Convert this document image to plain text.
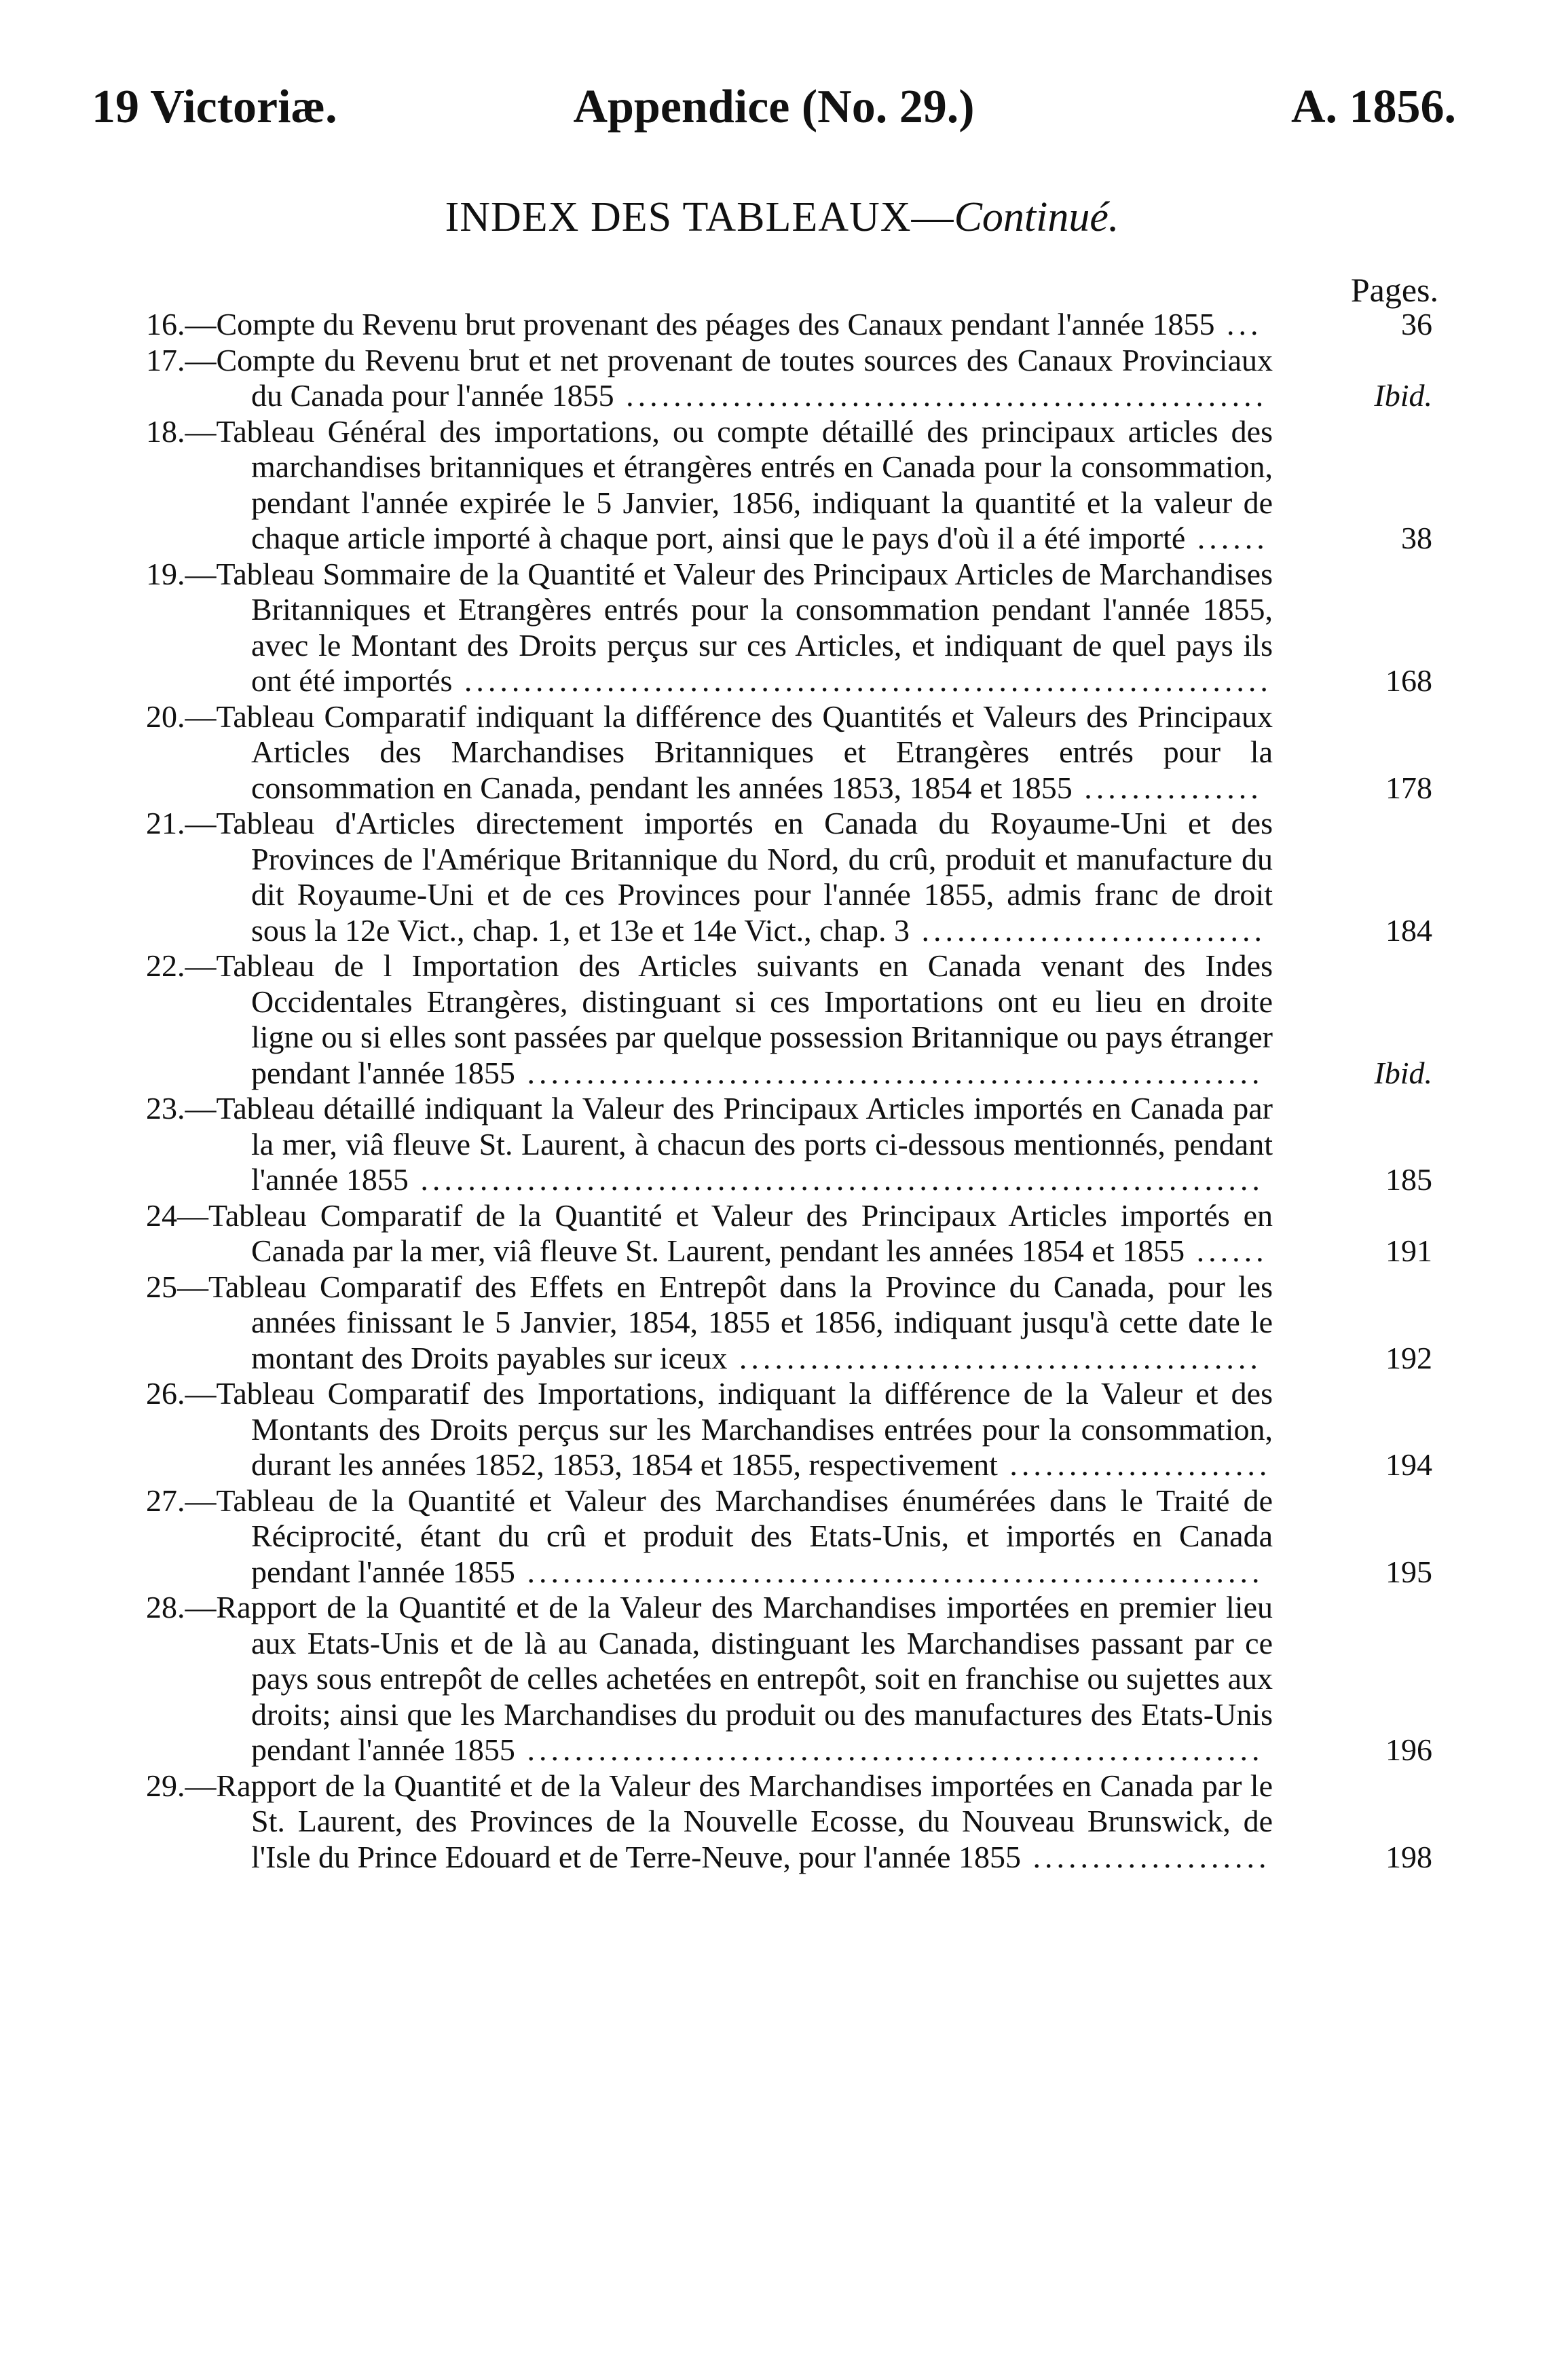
19 Victoriæ.	Appendice (No. 29.)	A. 1856.
INDEX DES TABLEAUX—Continué.
Pages.
16.—Compte du Revenu brut provenant des péages des Canaux pendant l'année 1855 ...	36
17.—Compte du Revenu brut et net provenant de toutes sources des Canaux Provinciaux du Canada pour l'année 1855 ......................................................	Ibid.
18.—Tableau Général des importations, ou compte détaillé des principaux articles des marchandises britanniques et étrangères entrés en Canada pour la consommation, pendant l'année expirée le 5 Janvier, 1856, indiquant la quantité et la valeur de chaque article importé à chaque port, ainsi que le pays d'où il a été importé ......	38
19.—Tableau Sommaire de la Quantité et Valeur des Principaux Articles de Marchandises Britanniques et Etrangères entrés pour la consommation pendant l'année 1855, avec le Montant des Droits perçus sur ces Articles, et indiquant de quel pays ils ont été importés ....................................................................	168
20.—Tableau Comparatif indiquant la différence des Quantités et Valeurs des Principaux Articles des Marchandises Britanniques et Etrangères entrés pour la consommation en Canada, pendant les années 1853, 1854 et 1855 ...............	178
21.—Tableau d'Articles directement importés en Canada du Royaume-Uni et des Provinces de l'Amérique Britannique du Nord, du crû, produit et manufacture du dit Royaume-Uni et de ces Provinces pour l'année 1855, admis franc de droit sous la 12e Vict., chap. 1, et 13e et 14e Vict., chap. 3 .............................	184
22.—Tableau de l Importation des Articles suivants en Canada venant des Indes Occidentales Etrangères, distinguant si ces Importations ont eu lieu en droite ligne ou si elles sont passées par quelque possession Britannique ou pays étranger pendant l'année 1855 ..............................................................	Ibid.
23.—Tableau détaillé indiquant la Valeur des Principaux Articles importés en Canada par la mer, viâ fleuve St. Laurent, à chacun des ports ci-dessous mentionnés, pendant l'année 1855 .......................................................................	185
24—Tableau Comparatif de la Quantité et Valeur des Principaux Articles importés en Canada par la mer, viâ fleuve St. Laurent, pendant les années 1854 et 1855 ......	191
25—Tableau Comparatif des Effets en Entrepôt dans la Province du Canada, pour les années finissant le 5 Janvier, 1854, 1855 et 1856, indiquant jusqu'à cette date le montant des Droits payables sur iceux ............................................	192
26.—Tableau Comparatif des Importations, indiquant la différence de la Valeur et des Montants des Droits perçus sur les Marchandises entrées pour la consommation, durant les années 1852, 1853, 1854 et 1855, respectivement ......................	194
27.—Tableau de la Quantité et Valeur des Marchandises énumérées dans le Traité de Réciprocité, étant du crû et produit des Etats-Unis, et importés en Canada pendant l'année 1855 ..............................................................	195
28.—Rapport de la Quantité et de la Valeur des Marchandises importées en premier lieu aux Etats-Unis et de là au Canada, distinguant les Marchandises passant par ce pays sous entrepôt de celles achetées en entrepôt, soit en franchise ou sujettes aux droits; ainsi que les Marchandises du produit ou des manufactures des Etats-Unis pendant l'année 1855 ..............................................................	196
29.—Rapport de la Quantité et de la Valeur des Marchandises importées en Canada par le St. Laurent, des Provinces de la Nouvelle Ecosse, du Nouveau Brunswick, de l'Isle du Prince Edouard et de Terre-Neuve, pour l'année 1855 ....................	198
